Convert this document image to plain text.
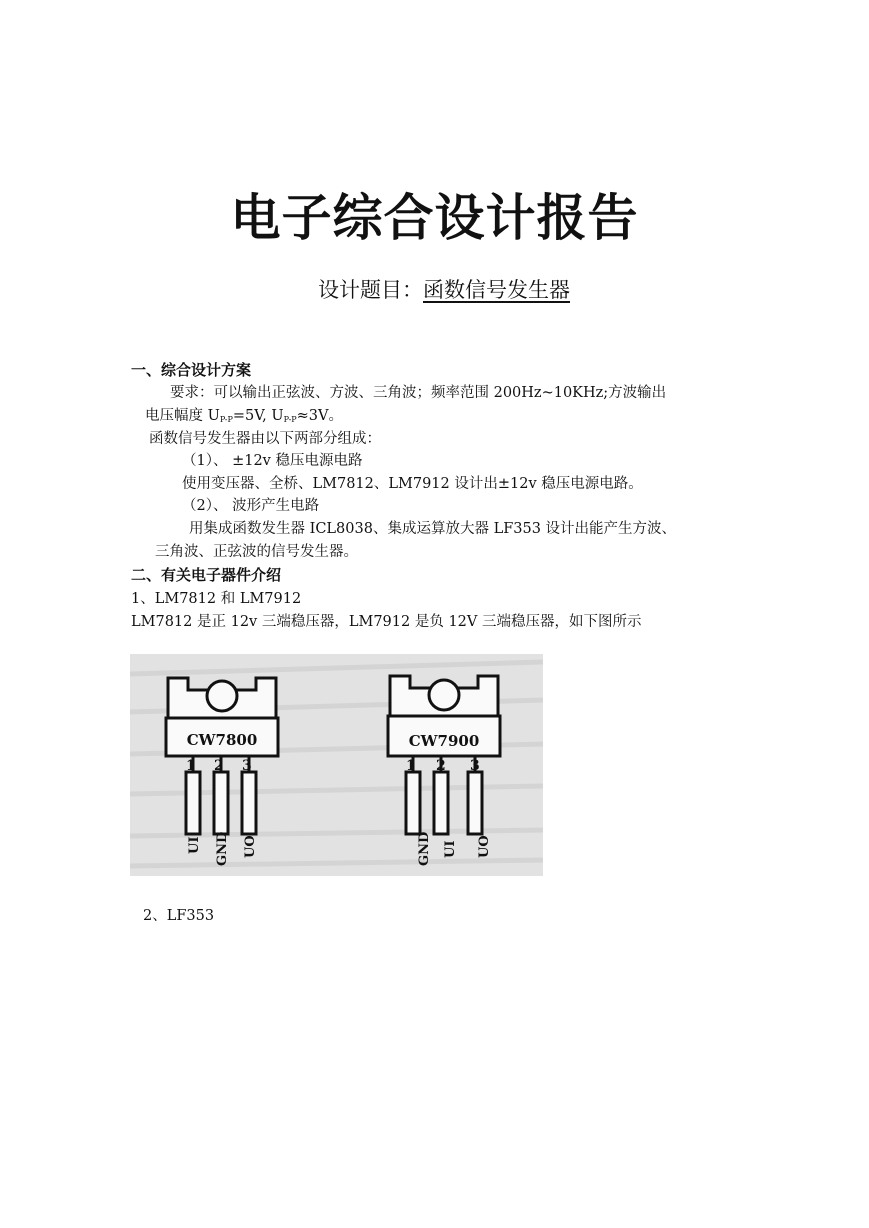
电子综合设计报告
设计题目：函数信号发生器
一、综合设计方案
要求：可以输出正弦波、方波、三角波；频率范围 200Hz~10KHz;方波输出
电压幅度 $U_{P-P}=5V$, $U_{P-P}\approx 3V$。
函数信号发生器由以下两部分组成：
（1）、 ±12v 稳压电源电路
使用变压器、全桥、LM7812、LM7912 设计出±12v 稳压电源电路。
（2）、 波形产生电路
用集成函数发生器 ICL8038、集成运算放大器 LF353 设计出能产生方波、
三角波、正弦波的信号发生器。
二、有关电子器件介绍
1、LM7812 和 LM7912
LM7812 是正 12v 三端稳压器，LM7912 是负 12V 三端稳压器，如下图所示
CW7800
1 2 3
UI GND UO
CW7900
1 2 3
GND UI UO
2、LF353
